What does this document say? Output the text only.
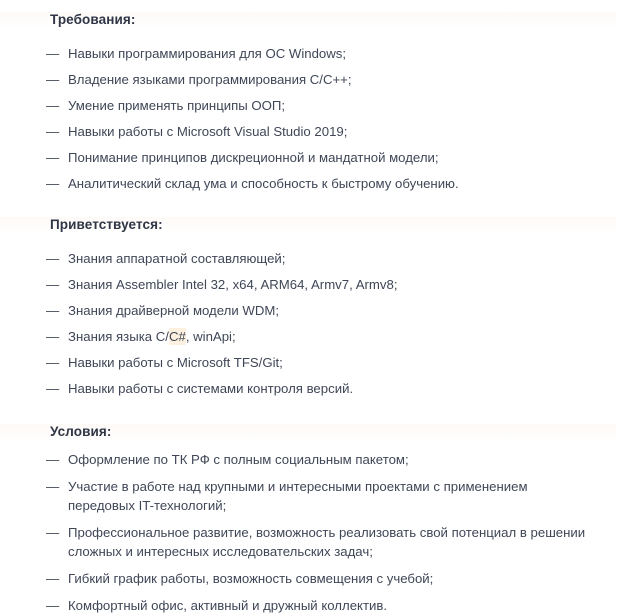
Требования:
— Навыки программирования для ОС Windows;
— Владение языками программирования C/C++;
— Умение применять принципы ООП;
— Навыки работы с Microsoft Visual Studio 2019;
— Понимание принципов дискреционной и мандатной модели;
— Аналитический склад ума и способность к быстрому обучению.
Приветствуется:
— Знания аппаратной составляющей;
— Знания Assembler Intel 32, x64, ARM64, Armv7, Armv8;
— Знания драйверной модели WDM;
— Знания языка C/C#, winApi;
— Навыки работы с Microsoft TFS/Git;
— Навыки работы с системами контроля версий.
Условия:
— Оформление по ТК РФ с полным социальным пакетом;
— Участие в работе над крупными и интересными проектами с применением передовых IT-технологий;
— Профессиональное развитие, возможность реализовать свой потенциал в решении сложных и интересных исследовательских задач;
— Гибкий график работы, возможность совмещения с учебой;
— Комфортный офис, активный и дружный коллектив.
